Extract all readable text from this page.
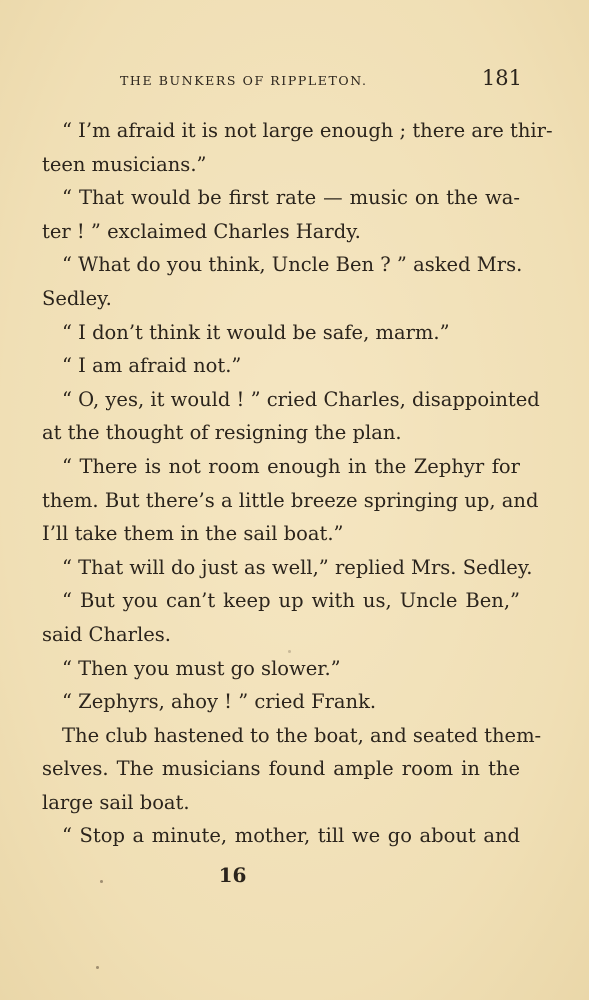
THE BUNKERS OF RIPPLETON.	181
“ I’m afraid it is not large enough ; there are thir-
teen musicians.”
“ That would be first rate — music on the wa-
ter ! ” exclaimed Charles Hardy.
“ What do you think, Uncle Ben ? ” asked Mrs.
Sedley.
“ I don’t think it would be safe, marm.”
“ I am afraid not.”
“ O, yes, it would ! ” cried Charles, disappointed
at the thought of resigning the plan.
“ There is not room enough in the Zephyr for
them. But there’s a little breeze springing up, and
I’ll take them in the sail boat.”
“ That will do just as well,” replied Mrs. Sedley.
“ But you can’t keep up with us, Uncle Ben,”
said Charles.
“ Then you must go slower.”
“ Zephyrs, ahoy ! ” cried Frank.
The club hastened to the boat, and seated them-
selves. The musicians found ample room in the
large sail boat.
“ Stop a minute, mother, till we go about and
16
